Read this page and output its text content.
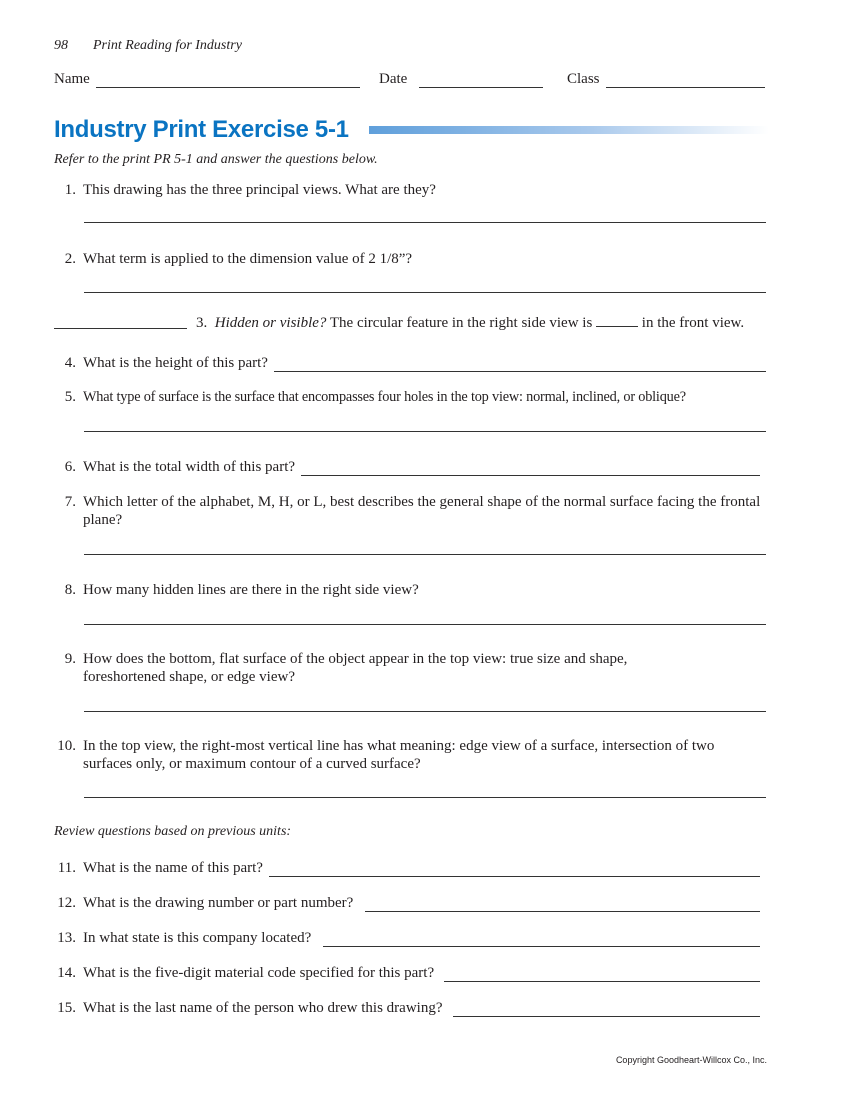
98 Print Reading for Industry
Name	Date	Class
Industry Print Exercise 5-1
Refer to the print PR 5-1 and answer the questions below.
1. This drawing has the three principal views. What are they?
2. What term is applied to the dimension value of 2 1/8”?
3. Hidden or visible? The circular feature in the right side view is	in the front view.
4. What is the height of this part?
5. What type of surface is the surface that encompasses four holes in the top view: normal, inclined, or oblique?
6. What is the total width of this part?
7. Which letter of the alphabet, M, H, or L, best describes the general shape of the normal surface facing the frontal plane?
8. How many hidden lines are there in the right side view?
9. How does the bottom, flat surface of the object appear in the top view: true size and shape, foreshortened shape, or edge view?
10. In the top view, the right-most vertical line has what meaning: edge view of a surface, intersection of two surfaces only, or maximum contour of a curved surface?
Review questions based on previous units:
11. What is the name of this part?
12. What is the drawing number or part number?
13. In what state is this company located?
14. What is the five-digit material code specified for this part?
15. What is the last name of the person who drew this drawing?
Copyright Goodheart-Willcox Co., Inc.
